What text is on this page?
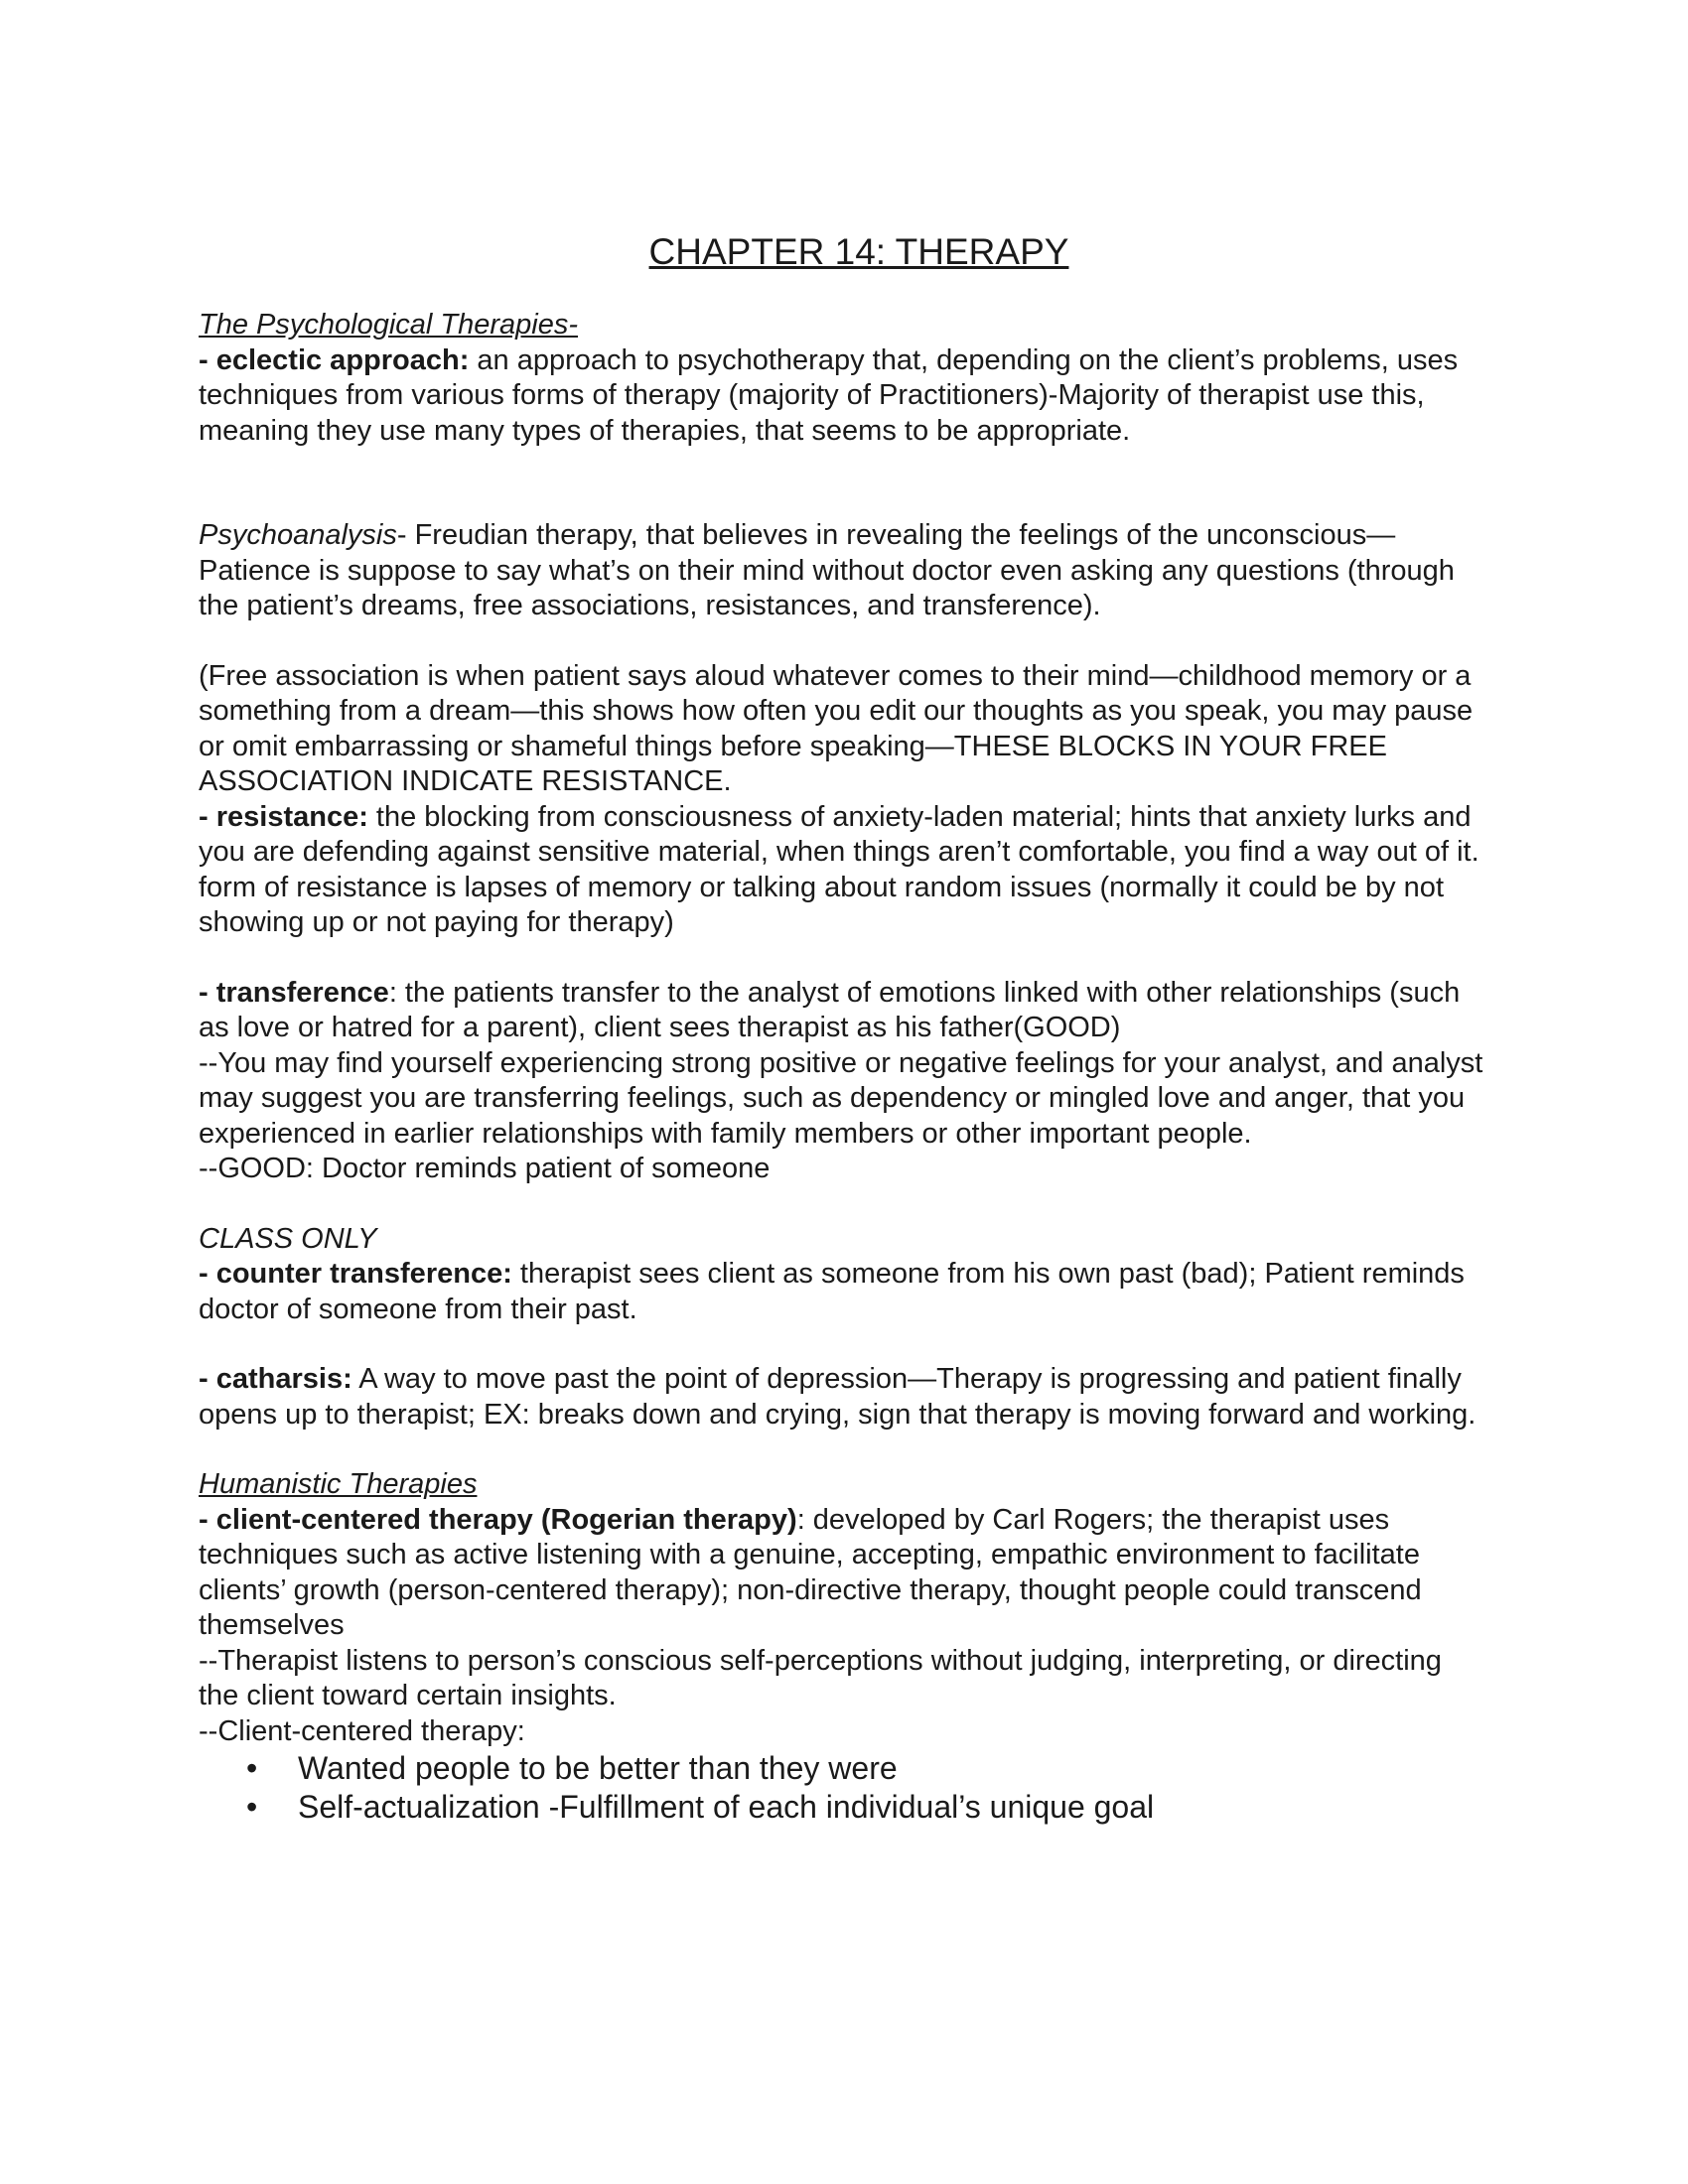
CHAPTER 14: THERAPY

The Psychological Therapies-

- eclectic approach: an approach to psychotherapy that, depending on the client’s problems, uses techniques from various forms of therapy (majority of Practitioners)-Majority of therapist use this, meaning they use many types of therapies, that seems to be appropriate.

Psychoanalysis- Freudian therapy, that believes in revealing the feelings of the unconscious—Patience is suppose to say what’s on their mind without doctor even asking any questions (through the patient’s dreams, free associations, resistances, and transference).

(Free association is when patient says aloud whatever comes to their mind—childhood memory or a something from a dream—this shows how often you edit our thoughts as you speak, you may pause or omit embarrassing or shameful things before speaking—THESE BLOCKS IN YOUR FREE ASSOCIATION INDICATE RESISTANCE.

- resistance: the blocking from consciousness of anxiety-laden material; hints that anxiety lurks and you are defending against sensitive material, when things aren’t comfortable, you find a way out of it. form of resistance is lapses of memory or talking about random issues (normally it could be by not showing up or not paying for therapy)

- transference: the patients transfer to the analyst of emotions linked with other relationships (such as love or hatred for a parent), client sees therapist as his father(GOOD)

--You may find yourself experiencing strong positive or negative feelings for your analyst, and analyst may suggest you are transferring feelings, such as dependency or mingled love and anger, that you experienced in earlier relationships with family members or other important people.

--GOOD: Doctor reminds patient of someone

CLASS ONLY

- counter transference: therapist sees client as someone from his own past (bad); Patient reminds doctor of someone from their past.

- catharsis: A way to move past the point of depression—Therapy is progressing and patient finally opens up to therapist; EX: breaks down and crying, sign that therapy is moving forward and working.

Humanistic Therapies

- client-centered therapy (Rogerian therapy): developed by Carl Rogers; the therapist uses techniques such as active listening with a genuine, accepting, empathic environment to facilitate clients’ growth (person-centered therapy); non-directive therapy, thought people could transcend themselves

--Therapist listens to person’s conscious self-perceptions without judging, interpreting, or directing the client toward certain insights.

--Client-centered therapy:

• Wanted people to be better than they were
• Self-actualization -Fulfillment of each individual’s unique goal
